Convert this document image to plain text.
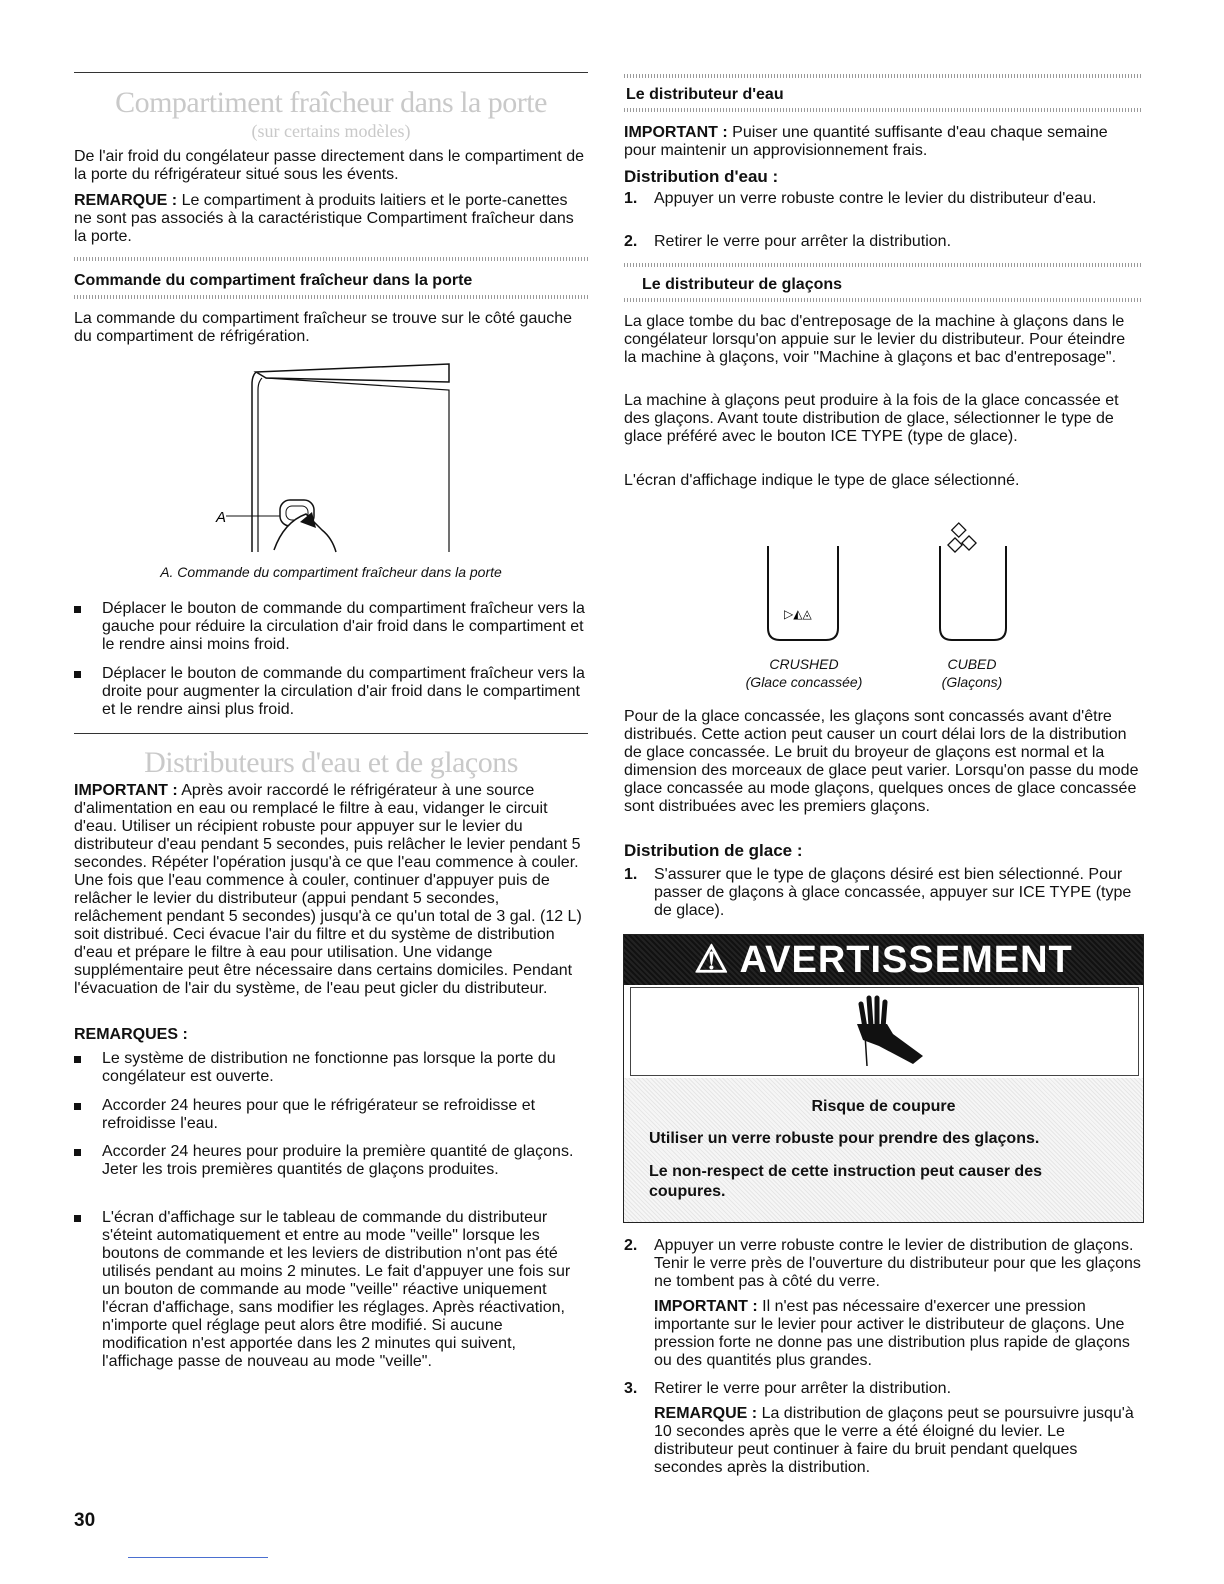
Compartiment fraîcheur dans la porte
(sur certains modèles)

De l'air froid du congélateur passe directement dans le compartiment de la porte du réfrigérateur situé sous les évents.

REMARQUE : Le compartiment à produits laitiers et le porte-canettes ne sont pas associés à la caractéristique Compartiment fraîcheur dans la porte.

Commande du compartiment fraîcheur dans la porte

La commande du compartiment fraîcheur se trouve sur le côté gauche du compartiment de réfrigération.

A
A. Commande du compartiment fraîcheur dans la porte
Déplacer le bouton de commande du compartiment fraîcheur vers la gauche pour réduire la circulation d'air froid dans le compartiment et le rendre ainsi moins froid.
Déplacer le bouton de commande du compartiment fraîcheur vers la droite pour augmenter la circulation d'air froid dans le compartiment et le rendre ainsi plus froid.
Distributeurs d'eau et de glaçons

IMPORTANT : Après avoir raccordé le réfrigérateur à une source d'alimentation en eau ou remplacé le filtre à eau, vidanger le circuit d'eau. Utiliser un récipient robuste pour appuyer sur le levier du distributeur d'eau pendant 5 secondes, puis relâcher le levier pendant 5 secondes. Répéter l'opération jusqu'à ce que l'eau commence à couler. Une fois que l'eau commence à couler, continuer d'appuyer puis de relâcher le levier du distributeur (appui pendant 5 secondes, relâchement pendant 5 secondes) jusqu'à ce qu'un total de 3 gal. (12 L) soit distribué. Ceci évacue l'air du filtre et du système de distribution d'eau et prépare le filtre à eau pour utilisation. Une vidange supplémentaire peut être nécessaire dans certains domiciles. Pendant l'évacuation de l'air du système, de l'eau peut gicler du distributeur.

REMARQUES :
Le système de distribution ne fonctionne pas lorsque la porte du congélateur est ouverte.
Accorder 24 heures pour que le réfrigérateur se refroidisse et refroidisse l'eau.
Accorder 24 heures pour produire la première quantité de glaçons. Jeter les trois premières quantités de glaçons produites.
L'écran d'affichage sur le tableau de commande du distributeur s'éteint automatiquement et entre au mode "veille" lorsque les boutons de commande et les leviers de distribution n'ont pas été utilisés pendant au moins 2 minutes. Le fait d'appuyer une fois sur un bouton de commande au mode "veille" réactive uniquement l'écran d'affichage, sans modifier les réglages. Après réactivation, n'importe quel réglage peut alors être modifié. Si aucune modification n'est apportée dans les 2 minutes qui suivent, l'affichage passe de nouveau au mode "veille".
30
Le distributeur d'eau

IMPORTANT : Puiser une quantité suffisante d'eau chaque semaine pour maintenir un approvisionnement frais.

Distribution d'eau :
1. Appuyer un verre robuste contre le levier du distributeur d'eau.
2. Retirer le verre pour arrêter la distribution.
Le distributeur de glaçons

La glace tombe du bac d'entreposage de la machine à glaçons dans le congélateur lorsqu'on appuie sur le levier du distributeur. Pour éteindre la machine à glaçons, voir "Machine à glaçons et bac d'entreposage".

La machine à glaçons peut produire à la fois de la glace concassée et des glaçons. Avant toute distribution de glace, sélectionner le type de glace préféré avec le bouton ICE TYPE (type de glace).

L'écran d'affichage indique le type de glace sélectionné.

▷◭◬
CRUSHED
(Glace concassée)
CUBED
(Glaçons)

Pour de la glace concassée, les glaçons sont concassés avant d'être distribués. Cette action peut causer un court délai lors de la distribution de glace concassée. Le bruit du broyeur de glaçons est normal et la dimension des morceaux de glace peut varier. Lorsqu'on passe du mode glace concassée au mode glaçons, quelques onces de glace concassée sont distribuées avec les premiers glaçons.

Distribution de glace :
1. S'assurer que le type de glaçons désiré est bien sélectionné. Pour passer de glaçons à glace concassée, appuyer sur ICE TYPE (type de glace).
2. Appuyer un verre robuste contre le levier de distribution de glaçons. Tenir le verre près de l'ouverture du distributeur pour que les glaçons ne tombent pas à côté du verre.

IMPORTANT : Il n'est pas nécessaire d'exercer une pression importante sur le levier pour activer le distributeur de glaçons. Une pression forte ne donne pas une distribution plus rapide de glaçons ou des quantités plus grandes.

3. Retirer le verre pour arrêter la distribution.

REMARQUE : La distribution de glaçons peut se poursuivre jusqu'à 10 secondes après que le verre a été éloigné du levier. Le distributeur peut continuer à faire du bruit pendant quelques secondes après la distribution.

⚠ AVERTISSEMENT
Risque de coupure
Utiliser un verre robuste pour prendre des glaçons.
Le non-respect de cette instruction peut causer des coupures.
